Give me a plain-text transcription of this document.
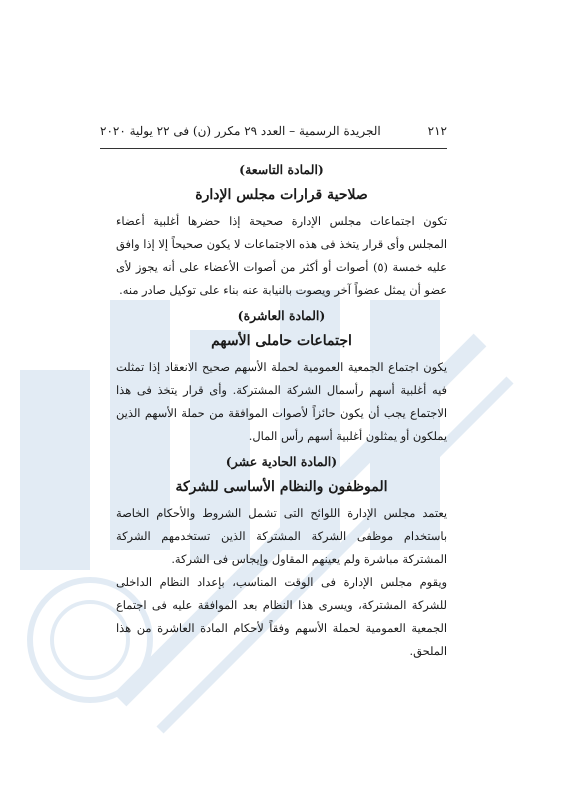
٢١٢
الجريدة الرسمية – العدد ٢٩ مكرر (ن) فى ٢٢ يولية ٢٠٢٠

(المادة التاسعة)

صلاحية قرارات مجلس الإدارة

تكون اجتماعات مجلس الإدارة صحيحة إذا حضرها أغلبية أعضاء المجلس وأى قرار يتخذ فى هذه الاجتماعات لا يكون صحيحاً إلا إذا وافق عليه خمسة (٥) أصوات أو أكثر من أصوات الأعضاء على أنه يجوز لأى عضو أن يمثل عضواً آخر ويصوت بالنيابة عنه بناء على توكيل صادر منه.

(المادة العاشرة)

اجتماعات حاملى الأسهم

يكون اجتماع الجمعية العمومية لحملة الأسهم صحيح الانعقاد إذا تمثلت فيه أغلبية أسهم رأسمال الشركة المشتركة. وأى قرار يتخذ فى هذا الاجتماع يجب أن يكون حائزاً لأصوات الموافقة من حملة الأسهم الذين يملكون أو يمثلون أغلبية أسهم رأس المال.

(المادة الحادية عشر)

الموظفون والنظام الأساسى للشركة

يعتمد مجلس الإدارة اللوائح التى تشمل الشروط والأحكام الخاصة باستخدام موظفى الشركة المشتركة الذين تستخدمهم الشركة المشتركة مباشرة ولم يعينهم المقاول وإيجاس فى الشركة.

ويقوم مجلس الإدارة فى الوقت المناسب، بإعداد النظام الداخلى للشركة المشتركة، ويسرى هذا النظام بعد الموافقة عليه فى اجتماع الجمعية العمومية لحملة الأسهم وفقاً لأحكام المادة العاشرة من هذا الملحق.
